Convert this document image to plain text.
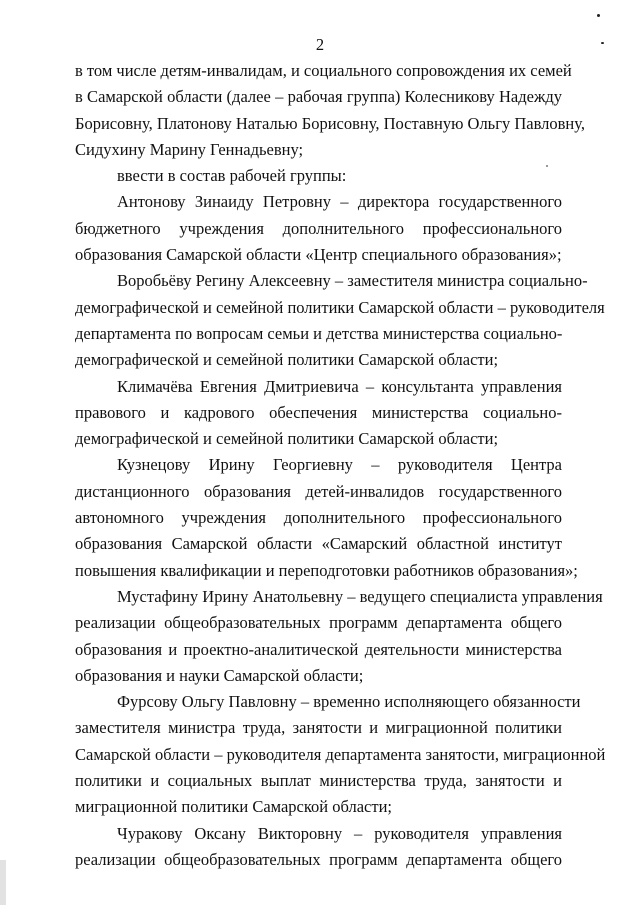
2
в том числе детям-инвалидам, и социального сопровождения их семей
в Самарской области (далее – рабочая группа) Колесникову Надежду
Борисовну, Платонову Наталью Борисовну, Поставную Ольгу Павловну,
Сидухину Марину Геннадьевну;
ввести в состав рабочей группы:
Антонову Зинаиду Петровну – директора государственного
бюджетного учреждения дополнительного профессионального
образования Самарской области «Центр специального образования»;
Воробьёву Регину Алексеевну – заместителя министра социально-
демографической и семейной политики Самарской области – руководителя
департамента по вопросам семьи и детства министерства социально-
демографической и семейной политики Самарской области;
Климачёва Евгения Дмитриевича – консультанта управления
правового и кадрового обеспечения министерства социально-
демографической и семейной политики Самарской области;
Кузнецову Ирину Георгиевну – руководителя Центра
дистанционного образования детей-инвалидов государственного
автономного учреждения дополнительного профессионального
образования Самарской области «Самарский областной институт
повышения квалификации и переподготовки работников образования»;
Мустафину Ирину Анатольевну – ведущего специалиста управления
реализации общеобразовательных программ департамента общего
образования и проектно-аналитической деятельности министерства
образования и науки Самарской области;
Фурсову Ольгу Павловну – временно исполняющего обязанности
заместителя министра труда, занятости и миграционной политики
Самарской области – руководителя департамента занятости, миграционной
политики и социальных выплат министерства труда, занятости и
миграционной политики Самарской области;
Чуракову Оксану Викторовну – руководителя управления
реализации общеобразовательных программ департамента общего
